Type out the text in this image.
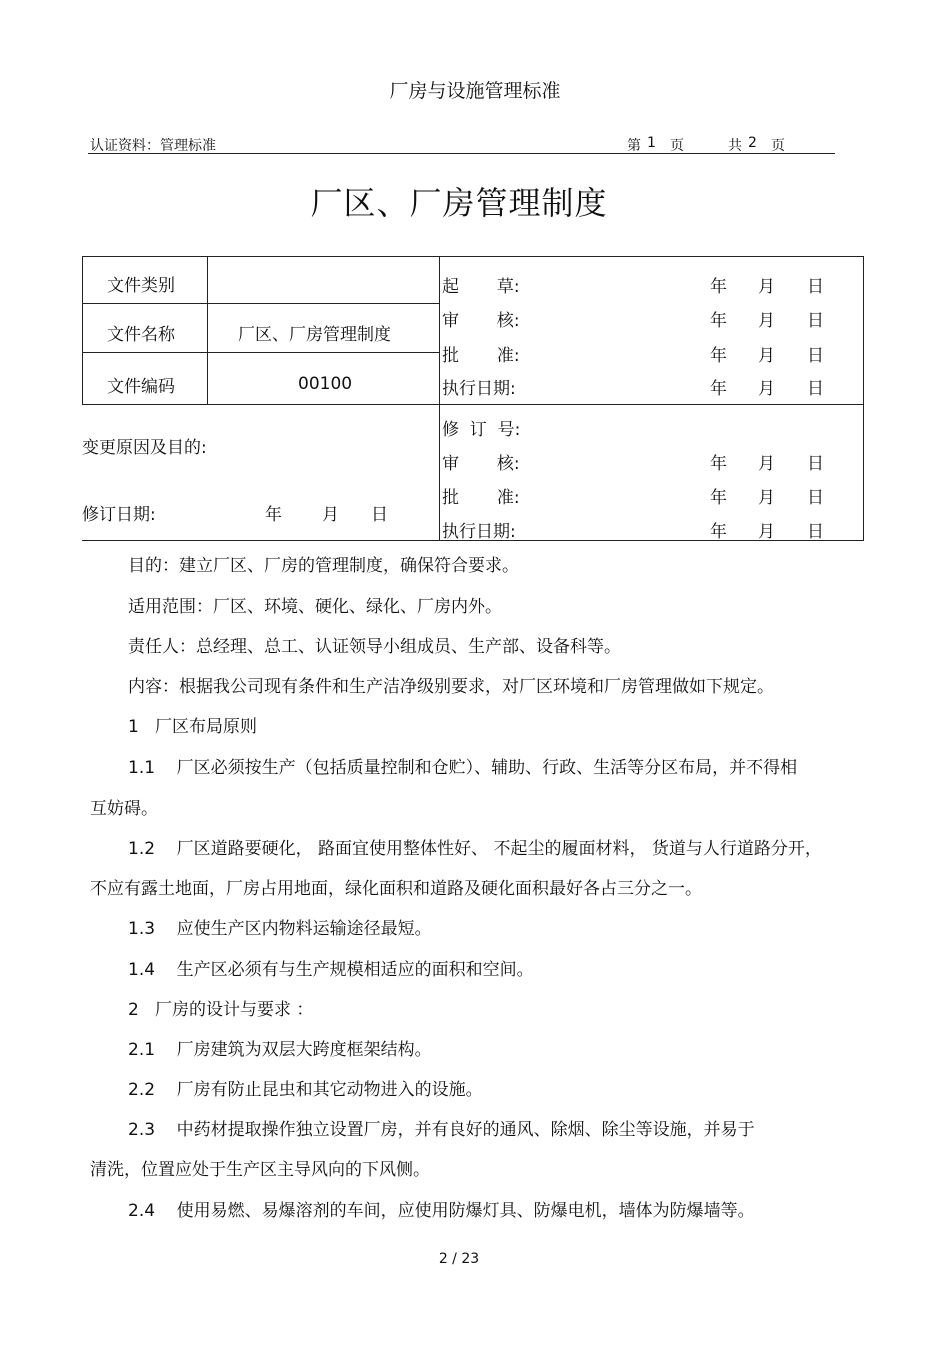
厂房与设施管理标准
认证资料：管理标准	第 1 页	共 2 页
厂区、厂房管理制度
文件类别
文件名称	厂区、厂房管理制度
文件编码	00100
起       草:	年 月 日
审       核:	年 月 日
批       准:	年 月 日
执行日期:	年 月 日
变更原因及目的:
修订日期:	年 月 日
修  订  号:
审       核:	年 月 日
批       准:	年 月 日
执行日期:	年 月 日
目的：建立厂区、厂房的管理制度，确保符合要求。
适用范围：厂区、环境、硬化、绿化、厂房内外。
责任人：总经理、总工、认证领导小组成员、生产部、设备科等。
内容：根据我公司现有条件和生产洁净级别要求，对厂区环境和厂房管理做如下规定。
1   厂区布局原则
1.1    厂区必须按生产（包括质量控制和仓贮）、辅助、行政、生活等分区布局，并不得相
互妨碍。
1.2    厂区道路要硬化， 路面宜使用整体性好、 不起尘的履面材料， 货道与人行道路分开，
不应有露土地面，厂房占用地面，绿化面积和道路及硬化面积最好各占三分之一。
1.3    应使生产区内物料运输途径最短。
1.4    生产区必须有与生产规模相适应的面积和空间。
2   厂房的设计与要求 ：
2.1    厂房建筑为双层大跨度框架结构。
2.2    厂房有防止昆虫和其它动物进入的设施。
2.3    中药材提取操作独立设置厂房，并有良好的通风、除烟、除尘等设施，并易于
清洗，位置应处于生产区主导风向的下风侧。
2.4    使用易燃、易爆溶剂的车间，应使用防爆灯具、防爆电机，墙体为防爆墙等。
2 / 23
